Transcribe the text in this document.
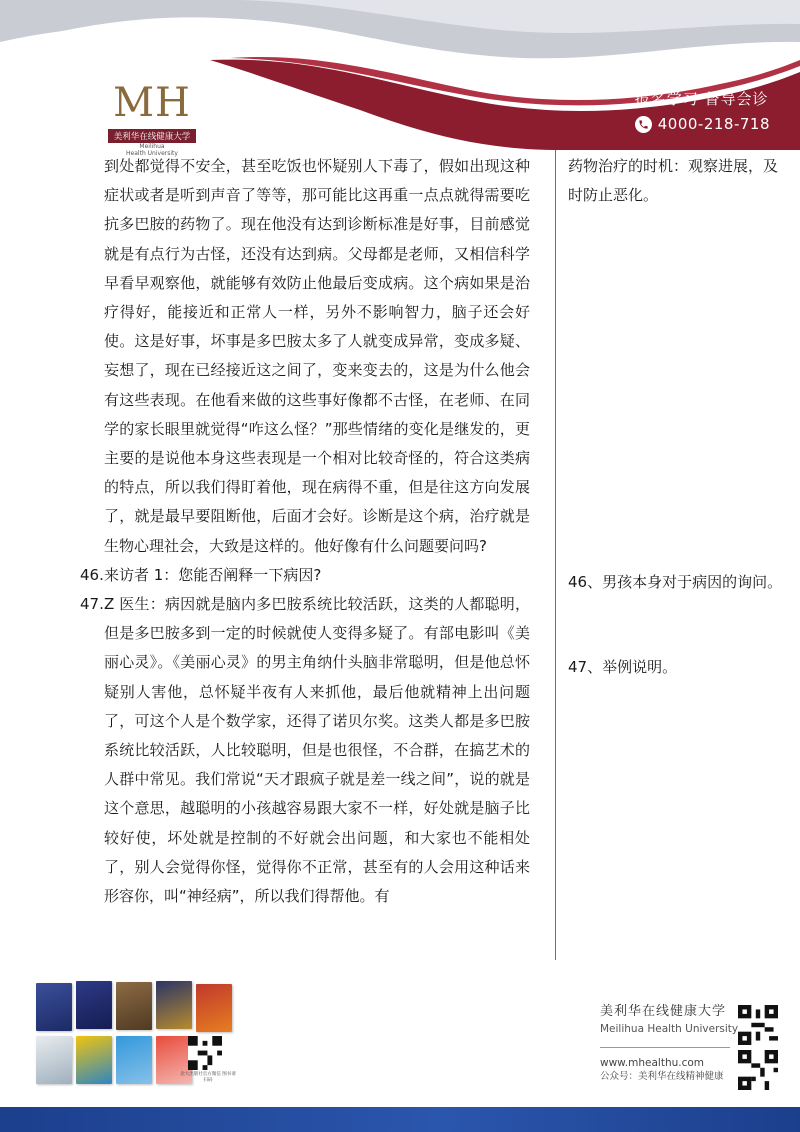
MH
美利华在线健康大学
Meilihua
Health University
报名学习 督导会诊
4000-218-718

到处都觉得不安全，甚至吃饭也怀疑别人下毒了，假如出现这种症状或者是听到声音了等等，那可能比这再重一点点就得需要吃抗多巴胺的药物了。现在他没有达到诊断标准是好事，目前感觉就是有点行为古怪，还没有达到病。父母都是老师，又相信科学早看早观察他，就能够有效防止他最后变成病。这个病如果是治疗得好，能接近和正常人一样，另外不影响智力，脑子还会好使。这是好事，坏事是多巴胺太多了人就变成异常，变成多疑、妄想了，现在已经接近这之间了，变来变去的，这是为什么他会有这些表现。在他看来做的这些事好像都不古怪，在老师、在同学的家长眼里就觉得“咋这么怪？”那些情绪的变化是继发的，更主要的是说他本身这些表现是一个相对比较奇怪的，符合这类病的特点，所以我们得盯着他，现在病得不重，但是往这方向发展了，就是最早要阻断他，后面才会好。诊断是这个病，治疗就是生物心理社会，大致是这样的。他好像有什么问题要问吗?

46. 来访者 1：您能否阐释一下病因?
47. Z 医生：病因就是脑内多巴胺系统比较活跃，这类的人都聪明，但是多巴胺多到一定的时候就使人变得多疑了。有部电影叫《美丽心灵》。《美丽心灵》的男主角纳什头脑非常聪明，但是他总怀疑别人害他，总怀疑半夜有人来抓他，最后他就精神上出问题了，可这个人是个数学家，还得了诺贝尔奖。这类人都是多巴胺系统比较活跃，人比较聪明，但是也很怪，不合群，在搞艺术的人群中常见。我们常说“天才跟疯子就是差一线之间”，说的就是这个意思，越聪明的小孩越容易跟大家不一样，好处就是脑子比较好使，坏处就是控制的不好就会出问题，和大家也不能相处了，别人会觉得你怪，觉得你不正常，甚至有的人会用这种话来形容你，叫“神经病”，所以我们得帮他。有
药物治疗的时机：观察进展，及时防止恶化。
46、男孩本身对于病因的询问。
47、举例说明。
北大出版社官方微信 图书请扫码
美利华在线健康大学
Meilihua Health University
www.mhealthu.com
公众号：美利华在线精神健康
